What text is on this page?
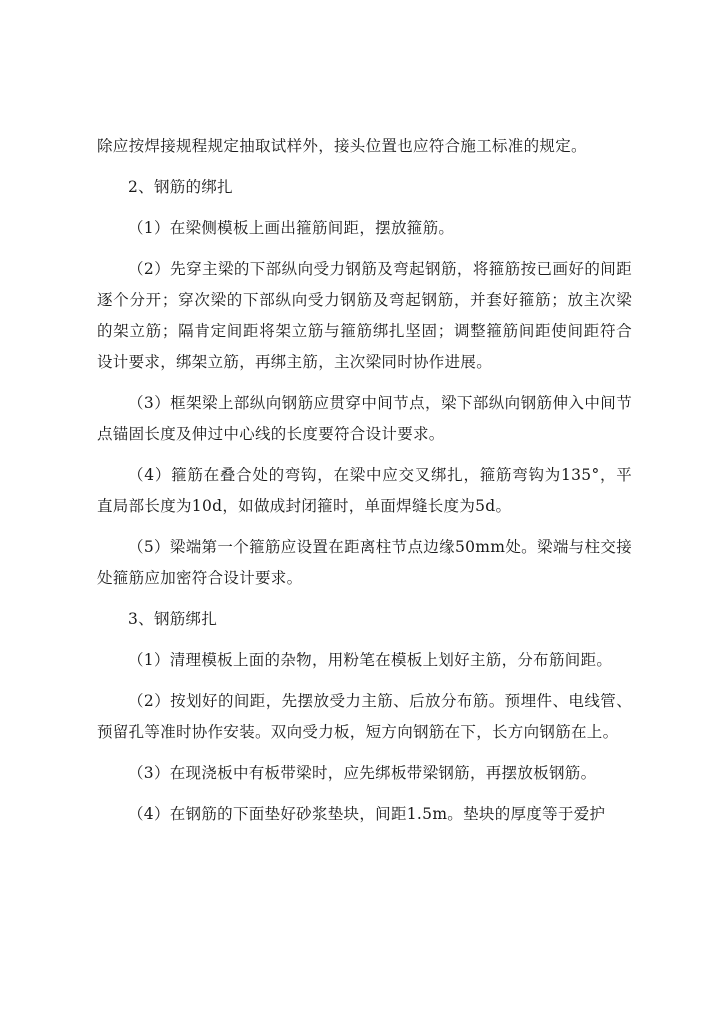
除应按焊接规程规定抽取试样外，接头位置也应符合施工标准的规定。

2、钢筋的绑扎

（1）在梁侧模板上画出箍筋间距，摆放箍筋。

（2）先穿主梁的下部纵向受力钢筋及弯起钢筋，将箍筋按已画好的间距逐个分开；穿次梁的下部纵向受力钢筋及弯起钢筋，并套好箍筋；放主次梁的架立筋；隔肯定间距将架立筋与箍筋绑扎坚固；调整箍筋间距使间距符合设计要求，绑架立筋，再绑主筋，主次梁同时协作进展。

（3）框架梁上部纵向钢筋应贯穿中间节点，梁下部纵向钢筋伸入中间节点锚固长度及伸过中心线的长度要符合设计要求。

（4）箍筋在叠合处的弯钩，在梁中应交叉绑扎，箍筋弯钩为135°，平直局部长度为10d，如做成封闭箍时，单面焊缝长度为5d。

（5）梁端第一个箍筋应设置在距离柱节点边缘50mm处。梁端与柱交接处箍筋应加密符合设计要求。

3、钢筋绑扎

（1）清理模板上面的杂物，用粉笔在模板上划好主筋，分布筋间距。

（2）按划好的间距，先摆放受力主筋、后放分布筋。预埋件、电线管、预留孔等准时协作安装。双向受力板，短方向钢筋在下，长方向钢筋在上。

（3）在现浇板中有板带梁时，应先绑板带梁钢筋，再摆放板钢筋。

（4）在钢筋的下面垫好砂浆垫块，间距1.5m。垫块的厚度等于爱护
